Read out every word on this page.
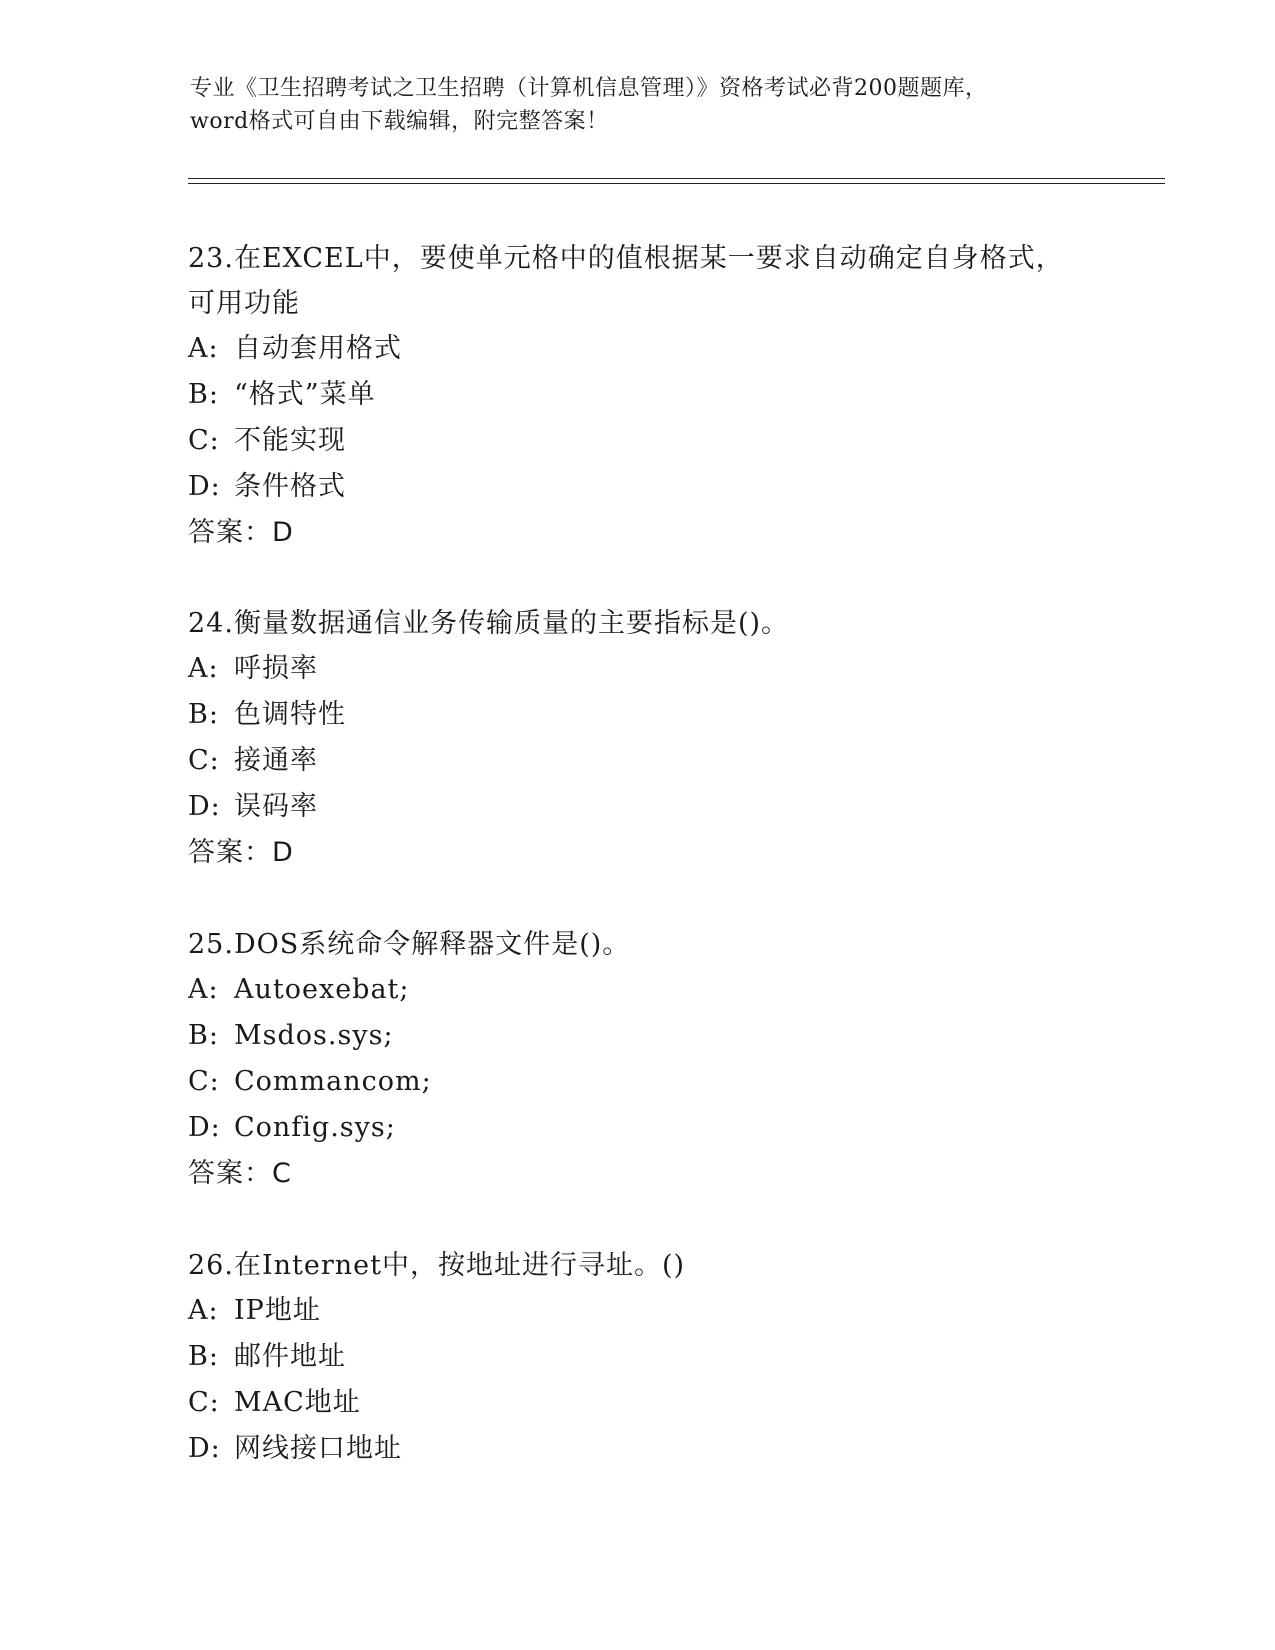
专业《卫生招聘考试之卫生招聘（计算机信息管理）》资格考试必背200题题库，
word格式可自由下载编辑，附完整答案！
23.在EXCEL中，要使单元格中的值根据某一要求自动确定自身格式，可用功能
A: 自动套用格式
B: “格式”菜单
C: 不能实现
D: 条件格式
答案：D
24.衡量数据通信业务传输质量的主要指标是()。
A: 呼损率
B: 色调特性
C: 接通率
D: 误码率
答案：D
25.DOS系统命令解释器文件是()。
A: Autoexebat;
B: Msdos.sys;
C: Commancom;
D: Config.sys;
答案：C
26.在Internet中，按地址进行寻址。()
A: IP地址
B: 邮件地址
C: MAC地址
D: 网线接口地址
